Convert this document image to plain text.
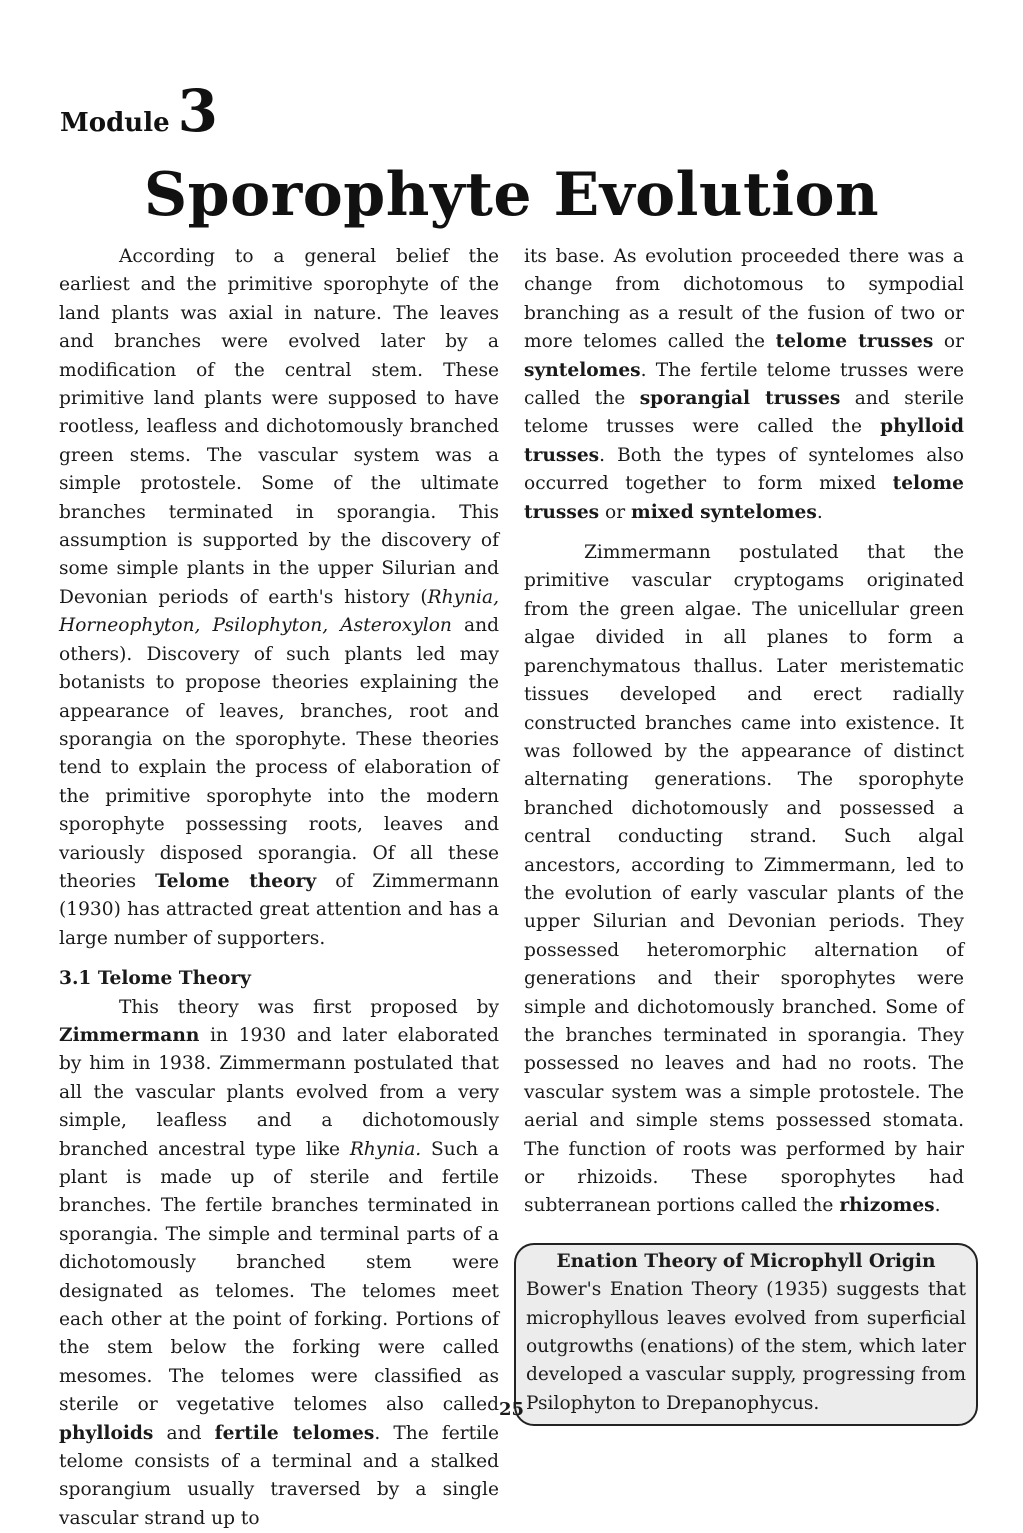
Module 3
Sporophyte Evolution

According to a general belief the earliest and the primitive sporophyte of the land plants was axial in nature. The leaves and branches were evolved later by a modification of the central stem. These primitive land plants were supposed to have rootless, leafless and dichotomously branched green stems. The vascular system was a simple protostele. Some of the ultimate branches terminated in sporangia. This assumption is supported by the discovery of some simple plants in the upper Silurian and Devonian periods of earth's history (Rhynia, Horneophyton, Psilophyton, Asteroxylon and others). Discovery of such plants led may botanists to propose theories explaining the appearance of leaves, branches, root and sporangia on the sporophyte. These theories tend to explain the process of elaboration of the primitive sporophyte into the modern sporophyte possessing roots, leaves and variously disposed sporangia. Of all these theories Telome theory of Zimmermann (1930) has attracted great attention and has a large number of supporters.

3.1 Telome Theory

This theory was first proposed by Zimmermann in 1930 and later elaborated by him in 1938. Zimmermann postulated that all the vascular plants evolved from a very simple, leafless and a dichotomously branched ancestral type like Rhynia. Such a plant is made up of sterile and fertile branches. The fertile branches terminated in sporangia. The simple and terminal parts of a dichotomously branched stem were designated as telomes. The telomes meet each other at the point of forking. Portions of the stem below the forking were called mesomes. The telomes were classified as sterile or vegetative telomes also called phylloids and fertile telomes. The fertile telome consists of a terminal and a stalked sporangium usually traversed by a single vascular strand up to

its base. As evolution proceeded there was a change from dichotomous to sympodial branching as a result of the fusion of two or more telomes called the telome trusses or syntelomes. The fertile telome trusses were called the sporangial trusses and sterile telome trusses were called the phylloid trusses. Both the types of syntelomes also occurred together to form mixed telome trusses or mixed syntelomes.

Zimmermann postulated that the primitive vascular cryptogams originated from the green algae. The unicellular green algae divided in all planes to form a parenchymatous thallus. Later meristematic tissues developed and erect radially constructed branches came into existence. It was followed by the appearance of distinct alternating generations. The sporophyte branched dichotomously and possessed a central conducting strand. Such algal ancestors, according to Zimmermann, led to the evolution of early vascular plants of the upper Silurian and Devonian periods. They possessed heteromorphic alternation of generations and their sporophytes were simple and dichotomously branched. Some of the branches terminated in sporangia. They possessed no leaves and had no roots. The vascular system was a simple protostele. The aerial and simple stems possessed stomata. The function of roots was performed by hair or rhizoids. These sporophytes had subterranean portions called the rhizomes.

Enation Theory of Microphyll Origin
Bower's Enation Theory (1935) suggests that microphyllous leaves evolved from superficial outgrowths (enations) of the stem, which later developed a vascular supply, progressing from Psilophyton to Drepanophycus.
25
